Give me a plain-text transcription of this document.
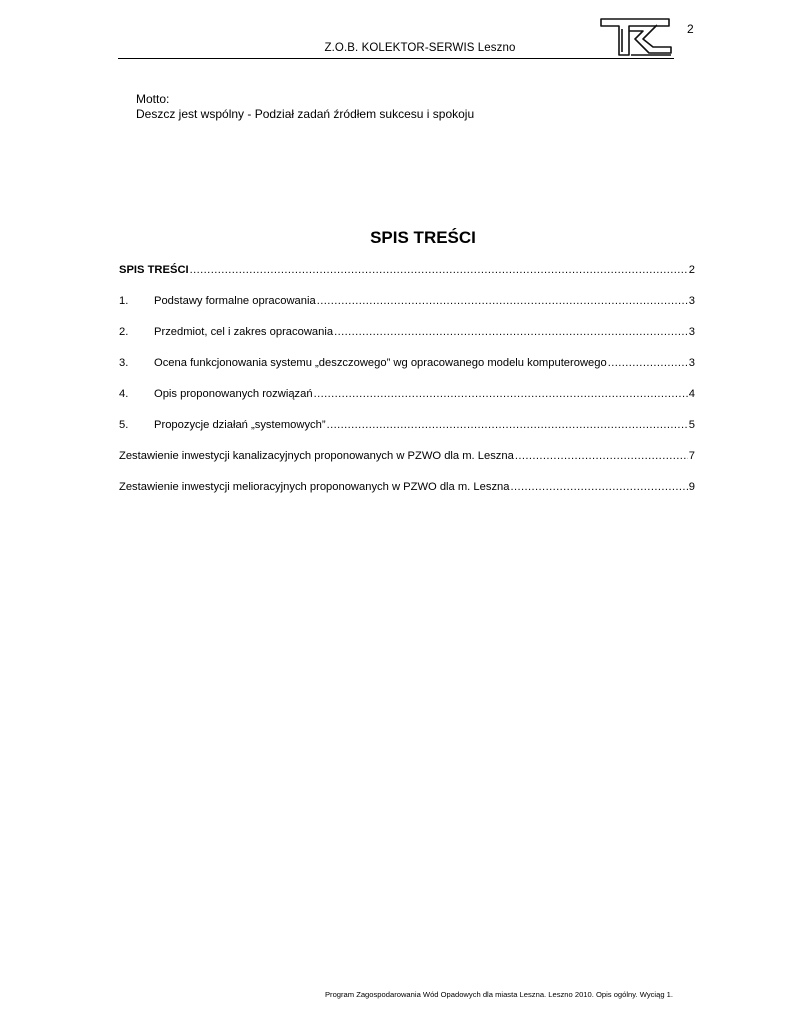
2
Z.O.B. KOLEKTOR-SERWIS Leszno
Motto:
Deszcz jest wspólny - Podział zadań źródłem sukcesu i spokoju
SPIS TREŚCI
SPIS TREŚCI .....	2
1.	Podstawy formalne opracowania .....	3
2.	Przedmiot, cel i zakres opracowania .....	3
3.	Ocena funkcjonowania systemu „deszczowego” wg opracowanego modelu komputerowego .....	3
4.	Opis proponowanych rozwiązań .....	4
5.	Propozycje działań „systemowych” .....	5
Zestawienie inwestycji kanalizacyjnych proponowanych w PZWO dla m. Leszna .....	7
Zestawienie inwestycji melioracyjnych proponowanych w PZWO dla m. Leszna .....	9
Program Zagospodarowania Wód Opadowych dla miasta Leszna. Leszno 2010. Opis ogólny. Wyciąg 1.
